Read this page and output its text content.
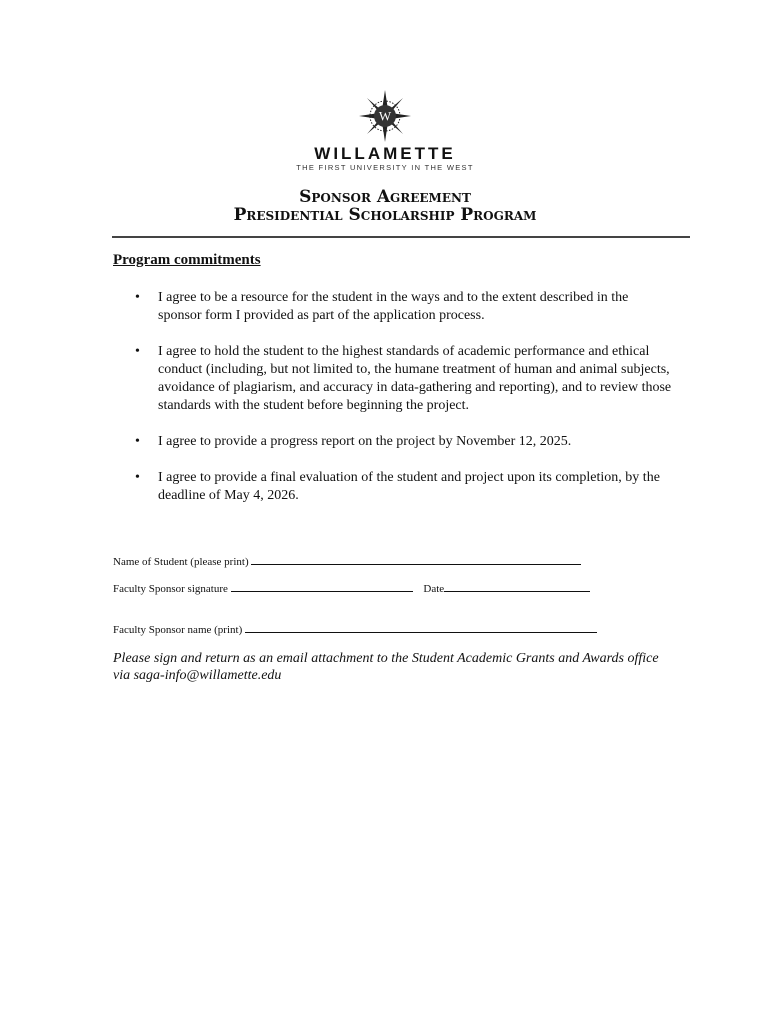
W
WILLAMETTE
THE FIRST UNIVERSITY IN THE WEST
Sponsor Agreement
Presidential Scholarship Program
Program commitments
• I agree to be a resource for the student in the ways and to the extent described in the sponsor form I provided as part of the application process.
• I agree to hold the student to the highest standards of academic performance and ethical conduct (including, but not limited to, the humane treatment of human and animal subjects, avoidance of plagiarism, and accuracy in data-gathering and reporting), and to review those standards with the student before beginning the project.
• I agree to provide a progress report on the project by November 12, 2025.
• I agree to provide a final evaluation of the student and project upon its completion, by the deadline of May 4, 2026.
Name of Student (please print)
Faculty Sponsor signature	Date
Faculty Sponsor name (print)
Please sign and return as an email attachment to the Student Academic Grants and Awards office via saga-info@willamette.edu
